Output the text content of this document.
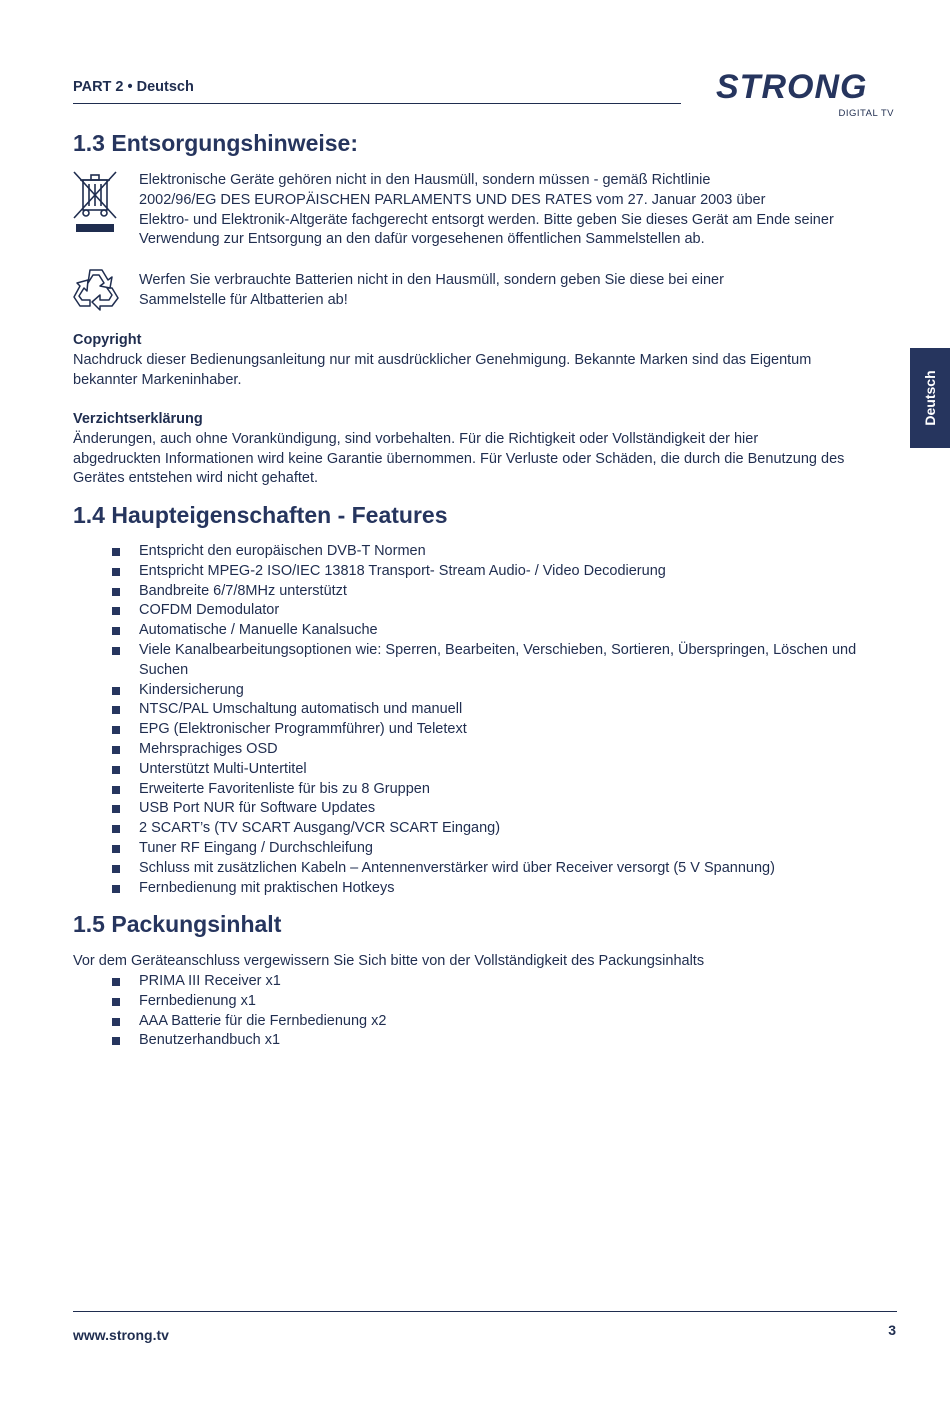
PART 2 • Deutsch	STRONG
DIGITAL TV
Deutsch
1.3 Entsorgungshinweise:

Elektronische Geräte gehören nicht in den Hausmüll, sondern müssen - gemäß Richtlinie

2002/96/EG DES EUROPÄISCHEN PARLAMENTS UND DES RATES vom 27. Januar 2003 über

Elektro- und Elektronik-Altgeräte fachgerecht entsorgt werden. Bitte geben Sie dieses Gerät am Ende seiner

Verwendung zur Entsorgung an den dafür vorgesehenen öffentlichen Sammelstellen ab.

Werfen Sie verbrauchte Batterien nicht in den Hausmüll, sondern geben Sie diese bei einer

Sammelstelle für Altbatterien ab!

Copyright

Nachdruck dieser Bedienungsanleitung nur mit ausdrücklicher Genehmigung. Bekannte Marken sind das Eigentum

bekannter Markeninhaber.

Verzichtserklärung

Änderungen, auch ohne Vorankündigung, sind vorbehalten. Für die Richtigkeit oder Vollständigkeit der hier

abgedruckten Informationen wird keine Garantie übernommen. Für Verluste oder Schäden, die durch die Benutzung des

Gerätes entstehen wird nicht gehaftet.

1.4 Haupteigenschaften - Features
Entspricht den europäischen DVB-T Normen
Entspricht MPEG-2 ISO/IEC 13818 Transport- Stream Audio- / Video Decodierung
Bandbreite 6/7/8MHz unterstützt
COFDM Demodulator
Automatische / Manuelle Kanalsuche
Viele Kanalbearbeitungsoptionen wie: Sperren, Bearbeiten, Verschieben, Sortieren, Überspringen, Löschen und Suchen
Kindersicherung
NTSC/PAL Umschaltung automatisch und manuell
EPG (Elektronischer Programmführer) und Teletext
Mehrsprachiges OSD
Unterstützt Multi-Untertitel
Erweiterte Favoritenliste für bis zu 8 Gruppen
USB Port NUR für Software Updates
2 SCART’s (TV SCART Ausgang/VCR SCART Eingang)
Tuner RF Eingang / Durchschleifung
Schluss mit zusätzlichen Kabeln – Antennenverstärker wird über Receiver versorgt (5 V Spannung)
Fernbedienung mit praktischen Hotkeys
1.5 Packungsinhalt

Vor dem Geräteanschluss vergewissern Sie Sich bitte von der Vollständigkeit des Packungsinhalts

PRIMA III Receiver x1
Fernbedienung x1
AAA Batterie für die Fernbedienung x2
Benutzerhandbuch x1
www.strong.tv	3
